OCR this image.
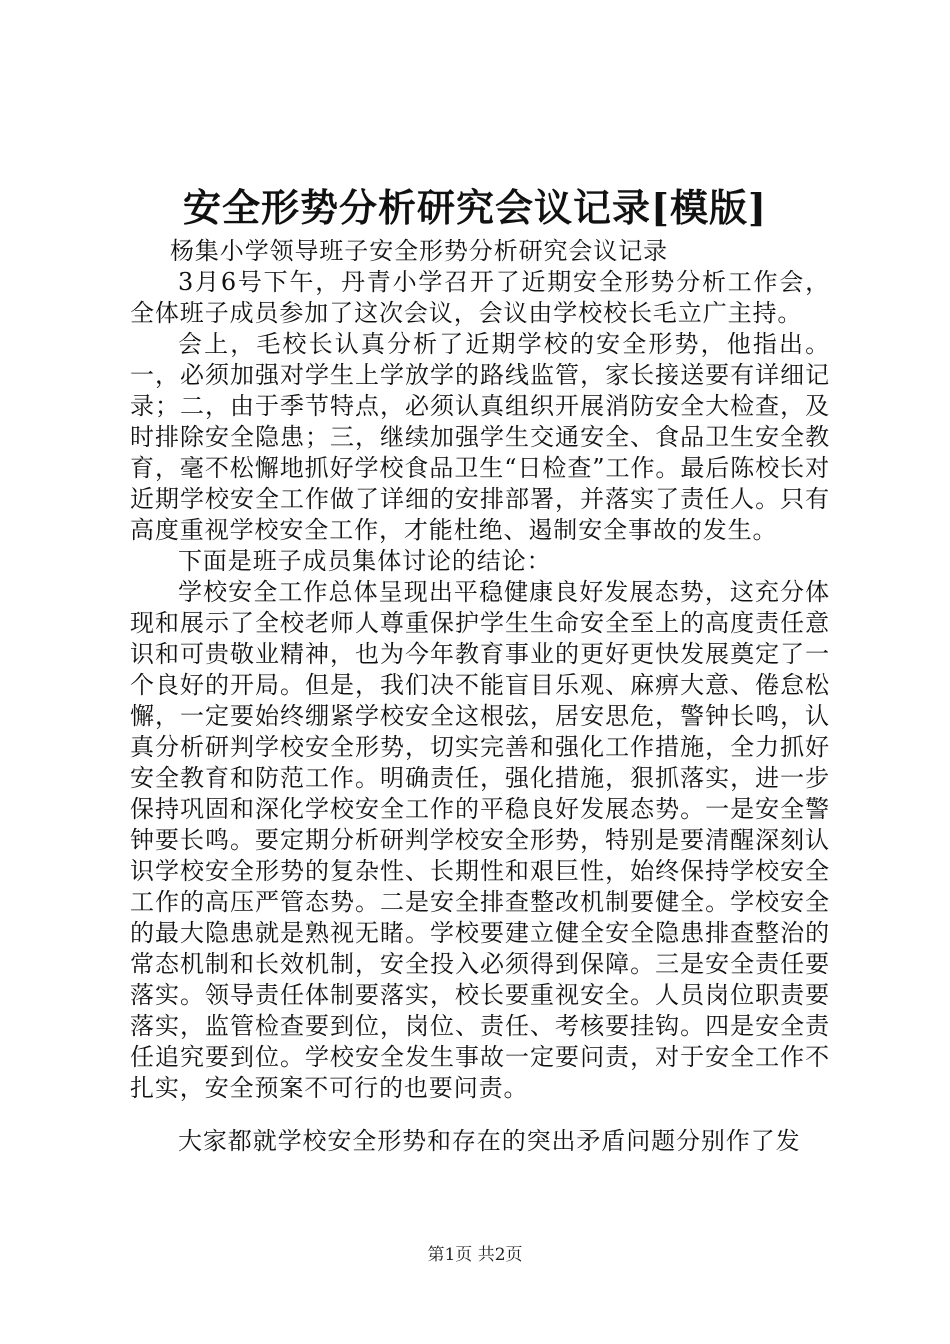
安全形势分析研究会议记录[模版]

杨集小学领导班子安全形势分析研究会议记录

3月6号下午，丹青小学召开了近期安全形势分析工作会，全体班子成员参加了这次会议，会议由学校校长毛立广主持。

会上，毛校长认真分析了近期学校的安全形势，他指出。一，必须加强对学生上学放学的路线监管，家长接送要有详细记录；二，由于季节特点，必须认真组织开展消防安全大检查，及时排除安全隐患；三，继续加强学生交通安全、食品卫生安全教育，毫不松懈地抓好学校食品卫生“日检查”工作。最后陈校长对近期学校安全工作做了详细的安排部署，并落实了责任人。只有高度重视学校安全工作，才能杜绝、遏制安全事故的发生。

下面是班子成员集体讨论的结论：

学校安全工作总体呈现出平稳健康良好发展态势，这充分体现和展示了全校老师人尊重保护学生生命安全至上的高度责任意识和可贵敬业精神，也为今年教育事业的更好更快发展奠定了一个良好的开局。但是，我们决不能盲目乐观、麻痹大意、倦怠松懈，一定要始终绷紧学校安全这根弦，居安思危，警钟长鸣，认真分析研判学校安全形势，切实完善和强化工作措施，全力抓好安全教育和防范工作。明确责任，强化措施，狠抓落实，进一步保持巩固和深化学校安全工作的平稳良好发展态势。一是安全警钟要长鸣。要定期分析研判学校安全形势，特别是要清醒深刻认识学校安全形势的复杂性、长期性和艰巨性，始终保持学校安全工作的高压严管态势。二是安全排查整改机制要健全。学校安全的最大隐患就是熟视无睹。学校要建立健全安全隐患排查整治的常态机制和长效机制，安全投入必须得到保障。三是安全责任要落实。领导责任体制要落实，校长要重视安全。人员岗位职责要落实，监管检查要到位，岗位、责任、考核要挂钩。四是安全责任追究要到位。学校安全发生事故一定要问责，对于安全工作不扎实，安全预案不可行的也要问责。

大家都就学校安全形势和存在的突出矛盾问题分别作了发

第1页 共2页
